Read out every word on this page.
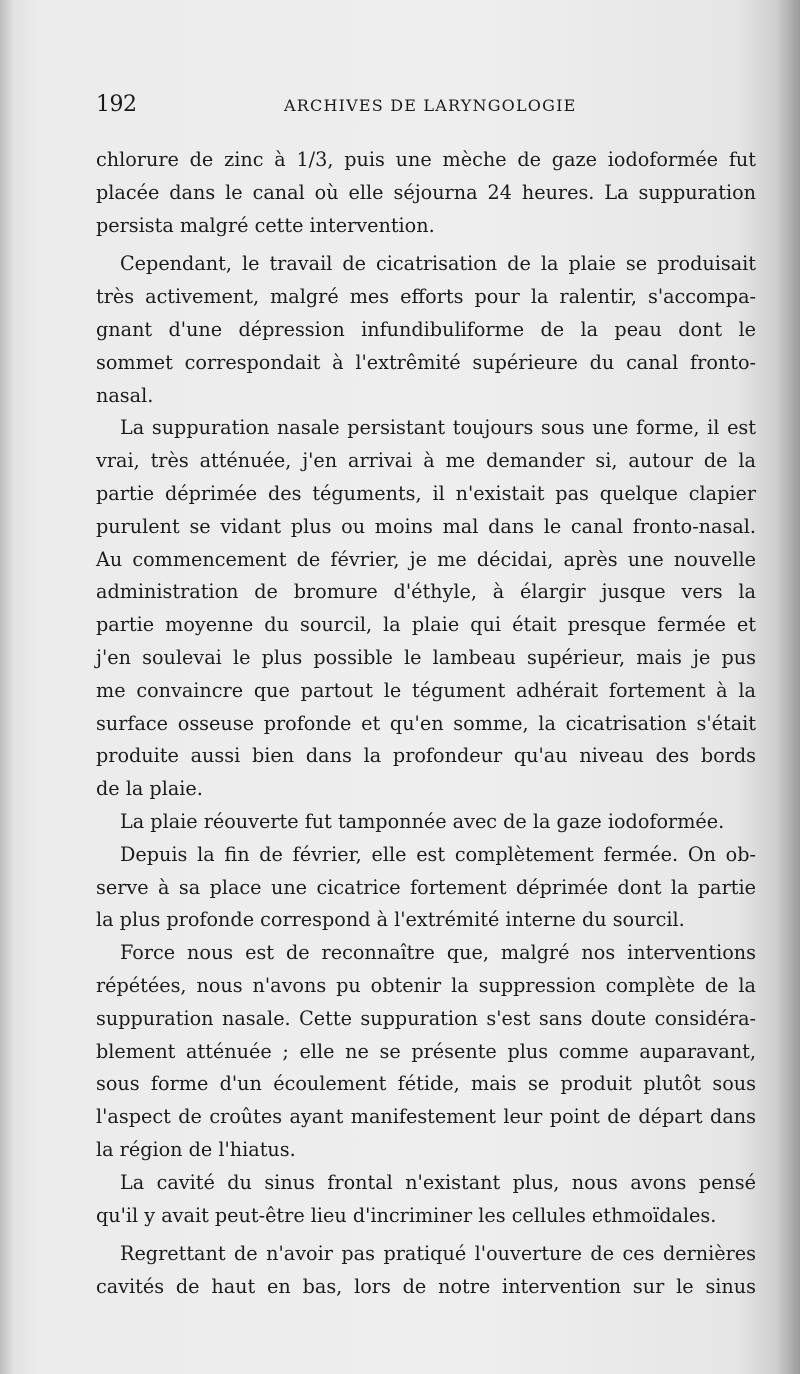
192	ARCHIVES DE LARYNGOLOGIE
chlorure de zinc à 1/3, puis une mèche de gaze iodoformée fut
placée dans le canal où elle séjourna 24 heures. La suppuration
persista malgré cette intervention.
Cependant, le travail de cicatrisation de la plaie se produisait
très activement, malgré mes efforts pour la ralentir, s'accompa-
gnant d'une dépression infundibuliforme de la peau dont le
sommet correspondait à l'extrêmité supérieure du canal fronto-
nasal.
La suppuration nasale persistant toujours sous une forme, il est
vrai, très atténuée, j'en arrivai à me demander si, autour de la
partie déprimée des téguments, il n'existait pas quelque clapier
purulent se vidant plus ou moins mal dans le canal fronto-nasal.
Au commencement de février, je me décidai, après une nouvelle
administration de bromure d'éthyle, à élargir jusque vers la
partie moyenne du sourcil, la plaie qui était presque fermée et
j'en soulevai le plus possible le lambeau supérieur, mais je pus
me convaincre que partout le tégument adhérait fortement à la
surface osseuse profonde et qu'en somme, la cicatrisation s'était
produite aussi bien dans la profondeur qu'au niveau des bords
de la plaie.
La plaie réouverte fut tamponnée avec de la gaze iodoformée.
Depuis la fin de février, elle est complètement fermée. On ob-
serve à sa place une cicatrice fortement déprimée dont la partie
la plus profonde correspond à l'extrémité interne du sourcil.
Force nous est de reconnaître que, malgré nos interventions
répétées, nous n'avons pu obtenir la suppression complète de la
suppuration nasale. Cette suppuration s'est sans doute considéra-
blement atténuée ; elle ne se présente plus comme auparavant,
sous forme d'un écoulement fétide, mais se produit plutôt sous
l'aspect de croûtes ayant manifestement leur point de départ dans
la région de l'hiatus.
La cavité du sinus frontal n'existant plus, nous avons pensé
qu'il y avait peut-être lieu d'incriminer les cellules ethmoïdales.
Regrettant de n'avoir pas pratiqué l'ouverture de ces dernières
cavités de haut en bas, lors de notre intervention sur le sinus
